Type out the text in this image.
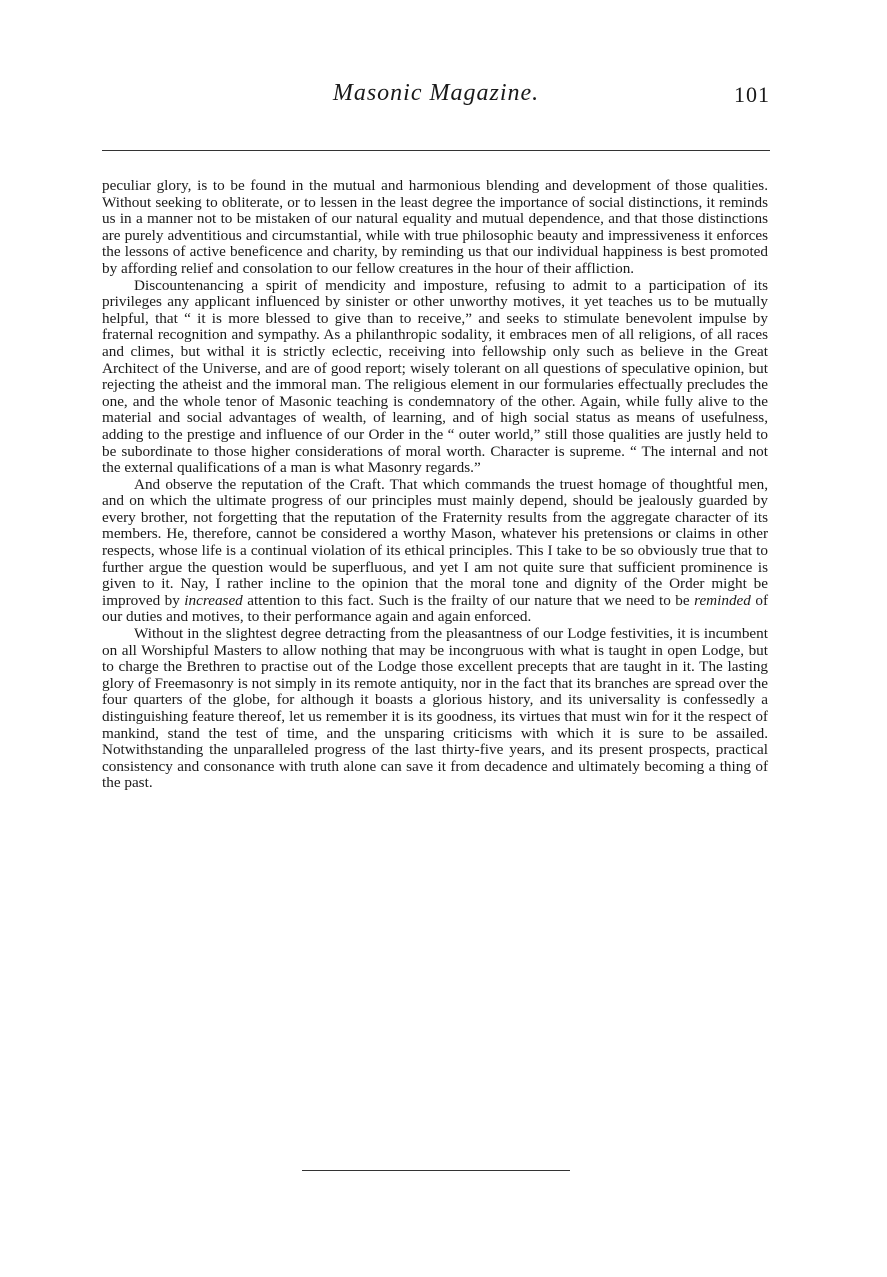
Masonic Magazine.	101

peculiar glory, is to be found in the mutual and harmonious blending and development of those qualities. Without seeking to obliterate, or to lessen in the least degree the importance of social distinctions, it reminds us in a manner not to be mistaken of our natural equality and mutual dependence, and that those distinctions are purely adventitious and circumstantial, while with true philosophic beauty and impressiveness it enforces the lessons of active beneficence and charity, by reminding us that our individual happiness is best promoted by affording relief and consolation to our fellow creatures in the hour of their affliction.

Discountenancing a spirit of mendicity and imposture, refusing to admit to a participation of its privileges any applicant influenced by sinister or other unworthy motives, it yet teaches us to be mutually helpful, that “ it is more blessed to give than to receive,” and seeks to stimulate benevolent impulse by fraternal recognition and sympathy. As a philanthropic sodality, it embraces men of all religions, of all races and climes, but withal it is strictly eclectic, receiving into fellowship only such as believe in the Great Architect of the Universe, and are of good report; wisely tolerant on all questions of speculative opinion, but rejecting the atheist and the immoral man. The religious element in our formularies effectually precludes the one, and the whole tenor of Masonic teaching is condemnatory of the other. Again, while fully alive to the material and social advantages of wealth, of learning, and of high social status as means of usefulness, adding to the prestige and influence of our Order in the “ outer world,” still those qualities are justly held to be subordinate to those higher considerations of moral worth. Character is supreme. “ The internal and not the external qualifications of a man is what Masonry regards.”

And observe the reputation of the Craft. That which commands the truest homage of thoughtful men, and on which the ultimate progress of our principles must mainly depend, should be jealously guarded by every brother, not forgetting that the reputation of the Fraternity results from the aggregate character of its members. He, therefore, cannot be considered a worthy Mason, whatever his pretensions or claims in other respects, whose life is a continual violation of its ethical principles. This I take to be so obviously true that to further argue the question would be superfluous, and yet I am not quite sure that sufficient prominence is given to it. Nay, I rather incline to the opinion that the moral tone and dignity of the Order might be improved by increased attention to this fact. Such is the frailty of our nature that we need to be reminded of our duties and motives, to their performance again and again enforced.

Without in the slightest degree detracting from the pleasantness of our Lodge festivities, it is incumbent on all Worshipful Masters to allow nothing that may be incongruous with what is taught in open Lodge, but to charge the Brethren to practise out of the Lodge those excellent precepts that are taught in it. The lasting glory of Freemasonry is not simply in its remote antiquity, nor in the fact that its branches are spread over the four quarters of the globe, for although it boasts a glorious history, and its universality is confessedly a distinguishing feature thereof, let us remember it is its goodness, its virtues that must win for it the respect of mankind, stand the test of time, and the unsparing criticisms with which it is sure to be assailed. Notwithstanding the unparalleled progress of the last thirty-five years, and its present prospects, practical consistency and consonance with truth alone can save it from decadence and ultimately becoming a thing of the past.
